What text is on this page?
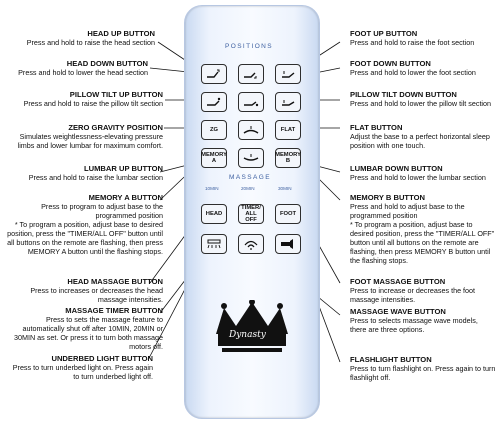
POSITIONS
ZG	FLAT
MEMORY A
MEMORY B
MASSAGE
10MIN	20MIN	30MIN
HEAD
TIMER/ ALL OFF
FOOT
Dynasty
HEAD UP BUTTON
Press and hold to raise the head section
HEAD DOWN BUTTON
Press and hold to lower the head section
PILLOW TILT UP BUTTON
Press and hold to raise the pillow tilt section
ZERO GRAVITY POSITION
Simulates weightlessness-elevating pressure limbs and lower lumbar for maximum comfort.
LUMBAR UP BUTTON
Press and hold to raise the lumbar section
MEMORY A BUTTON
Press to program to adjust base to the programmed position
* To program a position, adjust base to desired position, press the "TIMER/ALL OFF" button until all buttons on the remote are flashing, then press MEMORY A button until the flashing stops.
HEAD MASSAGE BUTTON
Press to increases or decreases the head massage intensities.
MASSAGE TIMER BUTTON
Press to sets the massage feature to automatically shut off after 10MIN, 20MIN or 30MIN as set. Or press it to turn both massage motors off.
UNDERBED LIGHT BUTTON
Press to turn underbed light on. Press again to turn underbed light off.
FOOT UP BUTTON
Press and hold to raise the foot section
FOOT DOWN BUTTON
Press and hold to lower the foot section
PILLOW TILT DOWN BUTTON
Press and hold to lower the pillow tilt section
FLAT BUTTON
Adjust the base to a perfect horizontal sleep position with one touch.
LUMBAR DOWN BUTTON
Press and hold to lower the lumbar section
MEMORY B BUTTON
Press and hold to adjust base to the programmed position
* To program a position, adjust base to desired position, press the "TIMER/ALL OFF" button until all buttons on the remote are flashing, then press MEMORY B button until the flashing stops.
FOOT MASSAGE BUTTON
Press to increase or decreases the foot massage intensities.
MASSAGE WAVE BUTTON
Press to selects massage wave models, there are three options.
FLASHLIGHT BUTTON
Press to turn flashlight on. Press again to turn flashlight off.
